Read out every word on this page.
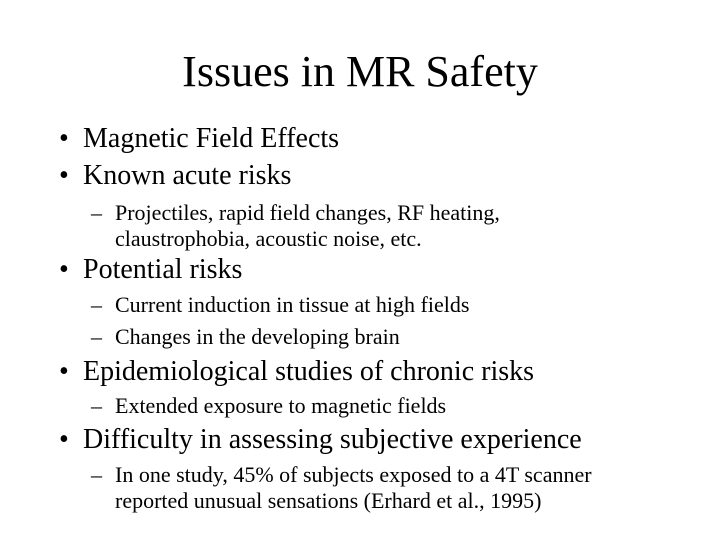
Issues in MR Safety
• Magnetic Field Effects
• Known acute risks
– Projectiles, rapid field changes, RF heating,
claustrophobia, acoustic noise, etc.
• Potential risks
– Current induction in tissue at high fields
– Changes in the developing brain
• Epidemiological studies of chronic risks
– Extended exposure to magnetic fields
• Difficulty in assessing subjective experience
– In one study, 45% of subjects exposed to a 4T scanner
reported unusual sensations (Erhard et al., 1995)
